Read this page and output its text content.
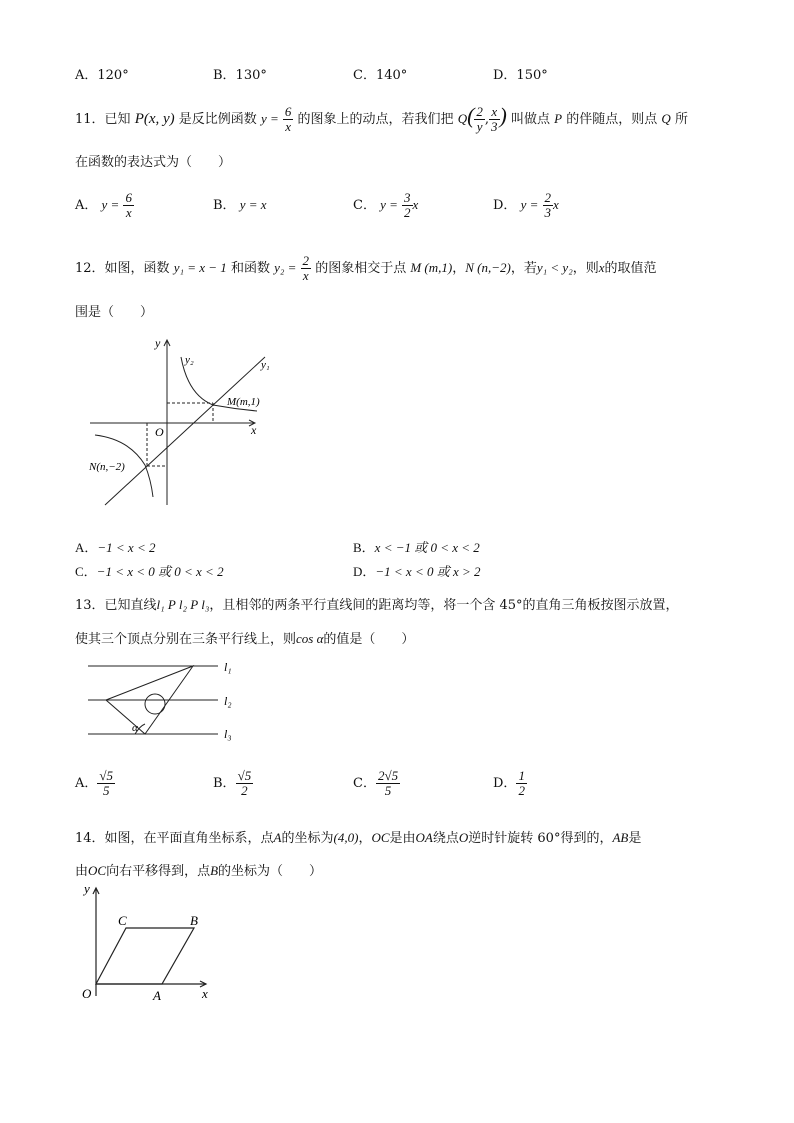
A．120°	B．130°	C．140°	D．150°
11．已知 P(x, y) 是反比例函数 $y = \frac{6}{x}$ 的图象上的动点，若我们把 $Q( \frac{2}{y}$ , $\frac{x}{3}$ ) 叫做点 P 的伴随点，则点 Q 所
在函数的表达式为（　　）
A． $y = \frac{6}{x}$	B． y = x	C． $y = \frac{3}{2}$ x	D． $y = \frac{2}{3}$ x
12．如图，函数 y₁ = x − 1 和函数 $y_2 = \frac{2}{x}$ 的图象相交于点 M (m,1)，N (n,−2)，若y₁ < y₂，则x的取值范
围是（　　）
y
x
O
y₁
y₂
M(m,1)
N(n,−2)
A．−1 < x < 2	B．x < −1 或 0 < x < 2
C．−1 < x < 0 或 0 < x < 2	D．−1 < x < 0 或 x > 2
13．已知直线l₁ P l₂ P l₃，且相邻的两条平行直线间的距离均等，将一个含 45°的直角三角板按图示放置，
使其三个顶点分别在三条平行线上，则cos α的值是（　　）
l₁
l₂
l₃
α
A． $\frac{√5}{5}$	B． $\frac{√5}{2}$	C． $\frac{2√5}{5}$	D． $\frac{1}{2}$
14．如图，在平面直角坐标系，点A的坐标为(4,0)，OC是由OA绕点O逆时针旋转 60°得到的，AB是
由OC向右平移得到，点B的坐标为（　　）
y
x
O	A
B
C
